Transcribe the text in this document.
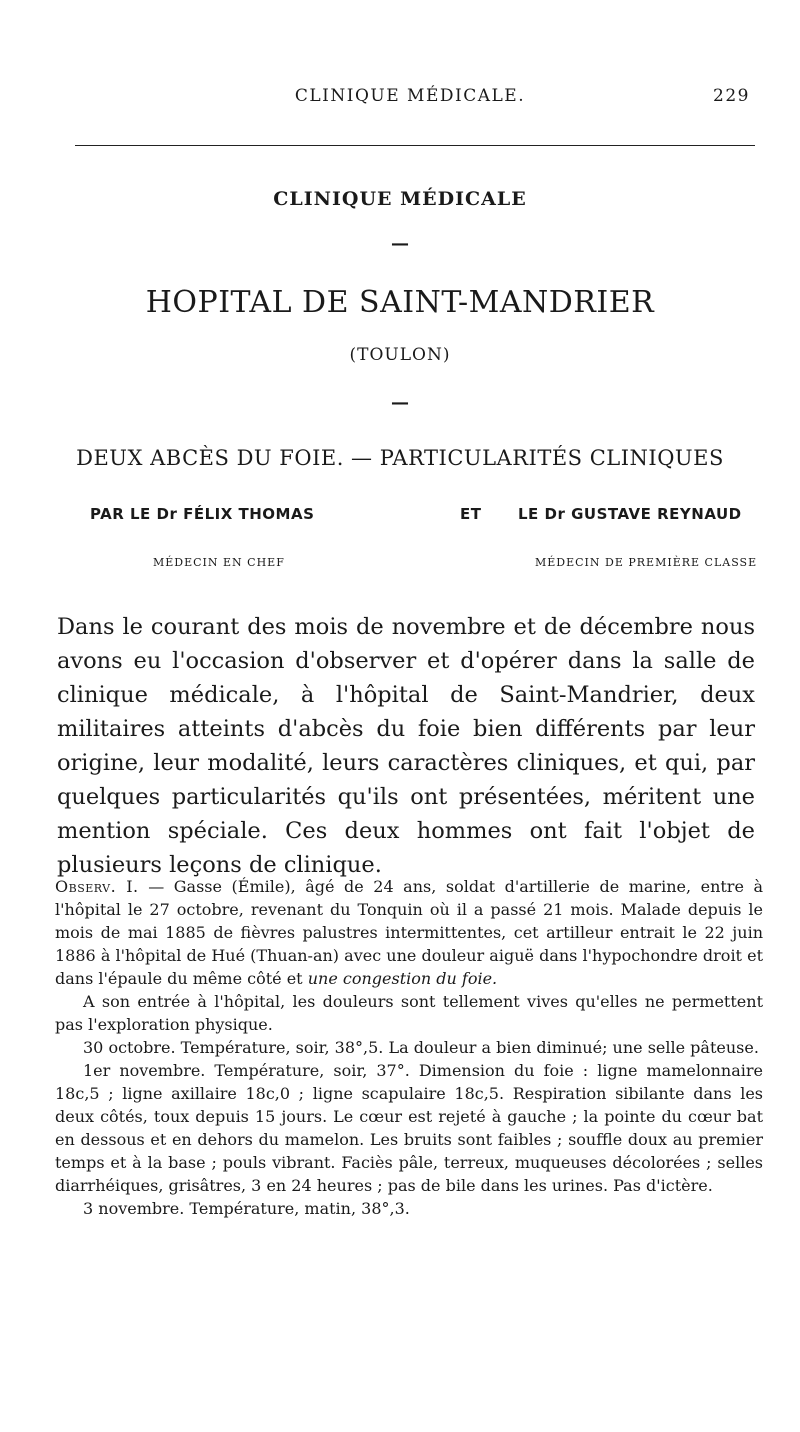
CLINIQUE MÉDICALE.	229
CLINIQUE MÉDICALE
—
HOPITAL DE SAINT-MANDRIER
(TOULON)
—
DEUX ABCÈS DU FOIE. — PARTICULARITÉS CLINIQUES
PAR LE Dr FÉLIX THOMAS	ET LE Dr GUSTAVE REYNAUD
MÉDECIN EN CHEF	MÉDECIN DE PREMIÈRE CLASSE

Dans le courant des mois de novembre et de décembre nous avons eu l'occasion d'observer et d'opérer dans la salle de clinique médicale, à l'hôpital de Saint-Mandrier, deux militaires atteints d'abcès du foie bien différents par leur origine, leur modalité, leurs caractères cliniques, et qui, par quelques particularités qu'ils ont présentées, méritent une mention spéciale. Ces deux hommes ont fait l'objet de plusieurs leçons de clinique.

Observ. I. — Gasse (Émile), âgé de 24 ans, soldat d'artillerie de marine, entre à l'hôpital le 27 octobre, revenant du Tonquin où il a passé 21 mois. Malade depuis le mois de mai 1885 de fièvres palustres intermittentes, cet artilleur entrait le 22 juin 1886 à l'hôpital de Hué (Thuan-an) avec une douleur aiguë dans l'hypochondre droit et dans l'épaule du même côté et une congestion du foie.

A son entrée à l'hôpital, les douleurs sont tellement vives qu'elles ne permettent pas l'exploration physique.

30 octobre. Température, soir, 38°,5. La douleur a bien diminué; une selle pâteuse.

1er novembre. Température, soir, 37°. Dimension du foie : ligne mamelonnaire 18c,5 ; ligne axillaire 18c,0 ; ligne scapulaire 18c,5. Respiration sibilante dans les deux côtés, toux depuis 15 jours. Le cœur est rejeté à gauche ; la pointe du cœur bat en dessous et en dehors du mamelon. Les bruits sont faibles ; souffle doux au premier temps et à la base ; pouls vibrant. Faciès pâle, terreux, muqueuses décolorées ; selles diarrhéiques, grisâtres, 3 en 24 heures ; pas de bile dans les urines. Pas d'ictère.

3 novembre. Température, matin, 38°,3.
